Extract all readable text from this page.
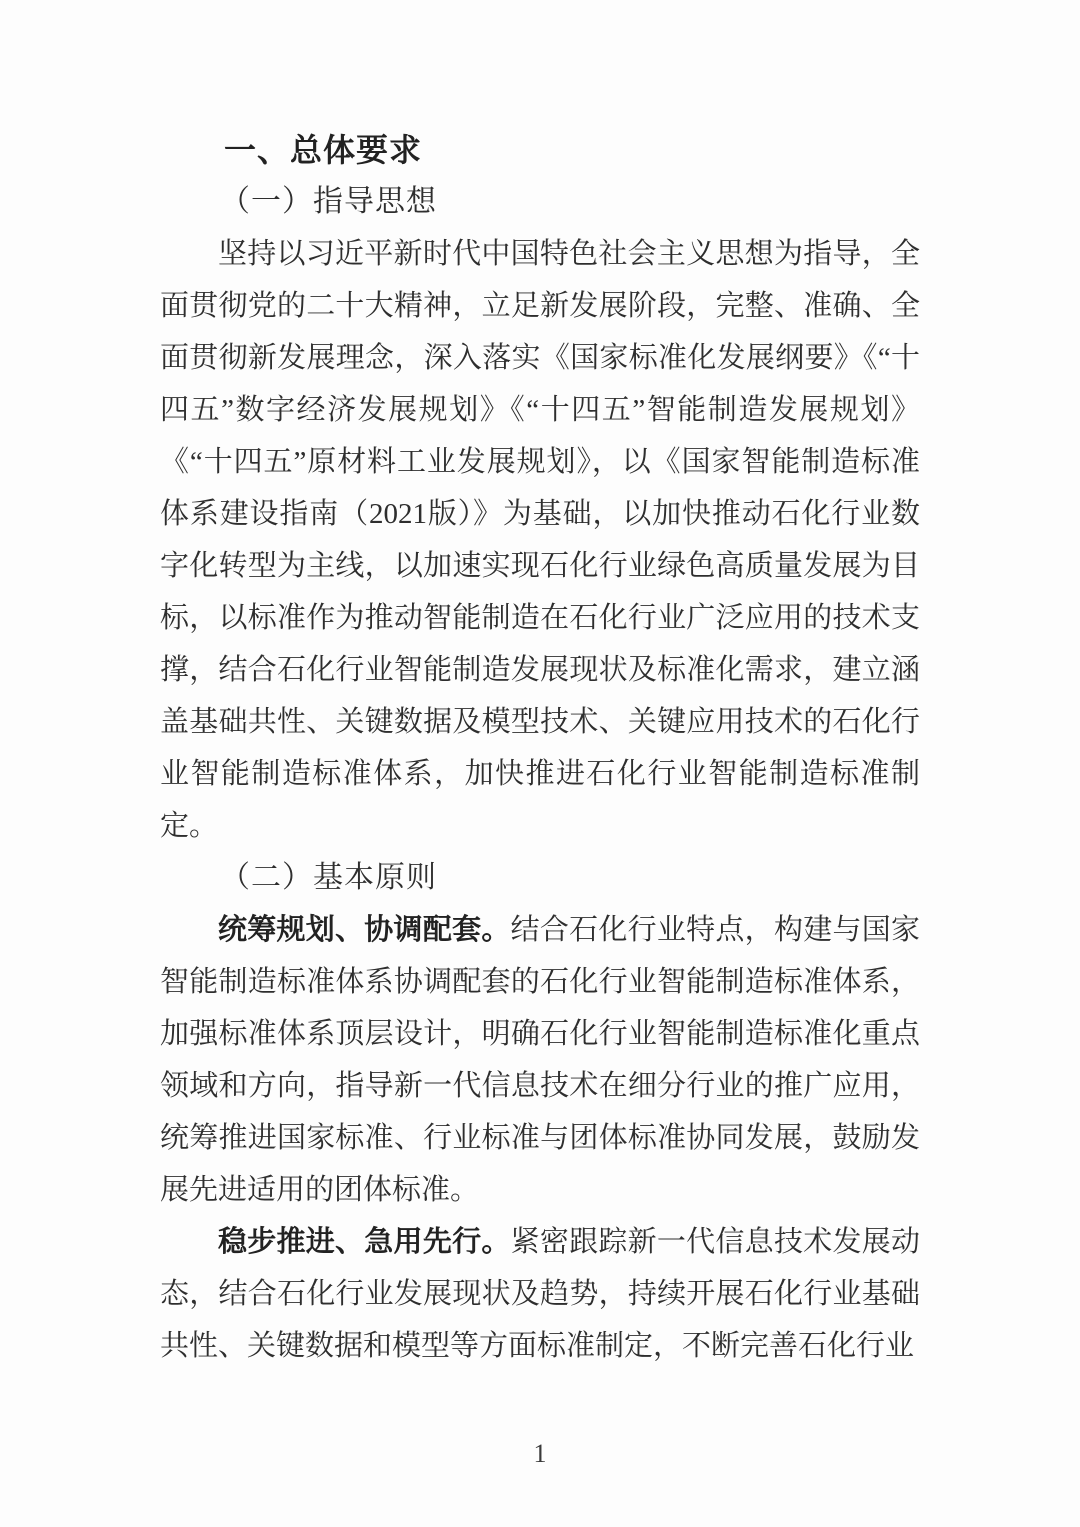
一、总体要求
（一）指导思想

坚持以习近平新时代中国特色社会主义思想为指导，全面贯彻党的二十大精神，立足新发展阶段，完整、准确、全面贯彻新发展理念，深入落实《国家标准化发展纲要》《“十四五”数字经济发展规划》《“十四五”智能制造发展规划》《“十四五”原材料工业发展规划》，以《国家智能制造标准体系建设指南（2021版）》为基础，以加快推动石化行业数字化转型为主线，以加速实现石化行业绿色高质量发展为目标，以标准作为推动智能制造在石化行业广泛应用的技术支撑，结合石化行业智能制造发展现状及标准化需求，建立涵盖基础共性、关键数据及模型技术、关键应用技术的石化行业智能制造标准体系，加快推进石化行业智能制造标准制定。

（二）基本原则

统筹规划、协调配套。结合石化行业特点，构建与国家智能制造标准体系协调配套的石化行业智能制造标准体系，加强标准体系顶层设计，明确石化行业智能制造标准化重点领域和方向，指导新一代信息技术在细分行业的推广应用，统筹推进国家标准、行业标准与团体标准协同发展，鼓励发展先进适用的团体标准。

稳步推进、急用先行。紧密跟踪新一代信息技术发展动态，结合石化行业发展现状及趋势，持续开展石化行业基础共性、关键数据和模型等方面标准制定，不断完善石化行业

1
